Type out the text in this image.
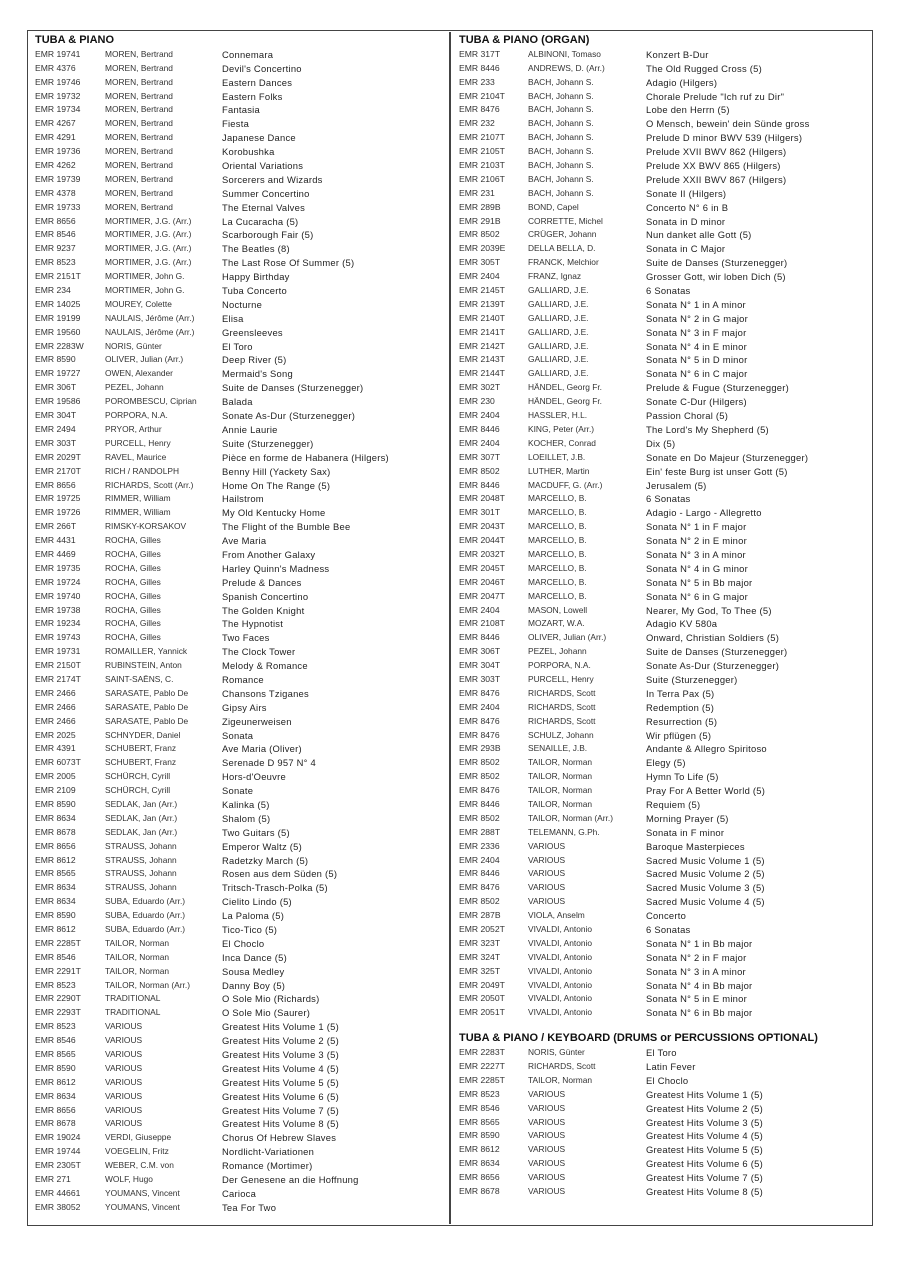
TUBA & PIANO
EMR 19741	MOREN, Bertrand	Connemara
EMR 4376	MOREN, Bertrand	Devil's Concertino
EMR 19746	MOREN, Bertrand	Eastern Dances
EMR 19732	MOREN, Bertrand	Eastern Folks
EMR 19734	MOREN, Bertrand	Fantasia
EMR 4267	MOREN, Bertrand	Fiesta
EMR 4291	MOREN, Bertrand	Japanese Dance
EMR 19736	MOREN, Bertrand	Korobushka
EMR 4262	MOREN, Bertrand	Oriental Variations
EMR 19739	MOREN, Bertrand	Sorcerers and Wizards
EMR 4378	MOREN, Bertrand	Summer Concertino
EMR 19733	MOREN, Bertrand	The Eternal Valves
EMR 8656	MORTIMER, J.G. (Arr.)	La Cucaracha (5)
EMR 8546	MORTIMER, J.G. (Arr.)	Scarborough Fair (5)
EMR 9237	MORTIMER, J.G. (Arr.)	The Beatles (8)
EMR 8523	MORTIMER, J.G. (Arr.)	The Last Rose Of Summer (5)
EMR 2151T	MORTIMER, John G.	Happy Birthday
EMR 234	MORTIMER, John G.	Tuba Concerto
EMR 14025	MOUREY, Colette	Nocturne
EMR 19199	NAULAIS, Jérôme (Arr.)	Elisa
EMR 19560	NAULAIS, Jérôme (Arr.)	Greensleeves
EMR 2283W	NORIS, Günter	El Toro
EMR 8590	OLIVER, Julian (Arr.)	Deep River (5)
EMR 19727	OWEN, Alexander	Mermaid's Song
EMR 306T	PEZEL, Johann	Suite de Danses (Sturzenegger)
EMR 19586	POROMBESCU, Ciprian	Balada
EMR 304T	PORPORA, N.A.	Sonate As-Dur (Sturzenegger)
EMR 2494	PRYOR, Arthur	Annie Laurie
EMR 303T	PURCELL, Henry	Suite (Sturzenegger)
EMR 2029T	RAVEL, Maurice	Pièce en forme de Habanera (Hilgers)
EMR 2170T	RICH / RANDOLPH	Benny Hill (Yackety Sax)
EMR 8656	RICHARDS, Scott (Arr.)	Home On The Range (5)
EMR 19725	RIMMER, William	Hailstrom
EMR 19726	RIMMER, William	My Old Kentucky Home
EMR 266T	RIMSKY-KORSAKOV	The Flight of the Bumble Bee
EMR 4431	ROCHA, Gilles	Ave Maria
EMR 4469	ROCHA, Gilles	From Another Galaxy
EMR 19735	ROCHA, Gilles	Harley Quinn's Madness
EMR 19724	ROCHA, Gilles	Prelude & Dances
EMR 19740	ROCHA, Gilles	Spanish Concertino
EMR 19738	ROCHA, Gilles	The Golden Knight
EMR 19234	ROCHA, Gilles	The Hypnotist
EMR 19743	ROCHA, Gilles	Two Faces
EMR 19731	ROMAILLER, Yannick	The Clock Tower
EMR 2150T	RUBINSTEIN, Anton	Melody & Romance
EMR 2174T	SAINT-SAËNS, C.	Romance
EMR 2466	SARASATE, Pablo De	Chansons Tziganes
EMR 2466	SARASATE, Pablo De	Gipsy Airs
EMR 2466	SARASATE, Pablo De	Zigeunerweisen
EMR 2025	SCHNYDER, Daniel	Sonata
EMR 4391	SCHUBERT, Franz	Ave Maria (Oliver)
EMR 6073T	SCHUBERT, Franz	Serenade D 957 N° 4
EMR 2005	SCHÜRCH, Cyrill	Hors-d'Oeuvre
EMR 2109	SCHÜRCH, Cyrill	Sonate
EMR 8590	SEDLAK, Jan (Arr.)	Kalinka (5)
EMR 8634	SEDLAK, Jan (Arr.)	Shalom (5)
EMR 8678	SEDLAK, Jan (Arr.)	Two Guitars (5)
EMR 8656	STRAUSS, Johann	Emperor Waltz (5)
EMR 8612	STRAUSS, Johann	Radetzky March (5)
EMR 8565	STRAUSS, Johann	Rosen aus dem Süden (5)
EMR 8634	STRAUSS, Johann	Tritsch-Trasch-Polka (5)
EMR 8634	SUBA, Eduardo (Arr.)	Cielito Lindo (5)
EMR 8590	SUBA, Eduardo (Arr.)	La Paloma (5)
EMR 8612	SUBA, Eduardo (Arr.)	Tico-Tico (5)
EMR 2285T	TAILOR, Norman	El Choclo
EMR 8546	TAILOR, Norman	Inca Dance (5)
EMR 2291T	TAILOR, Norman	Sousa Medley
EMR 8523	TAILOR, Norman (Arr.)	Danny Boy (5)
EMR 2290T	TRADITIONAL	O Sole Mio (Richards)
EMR 2293T	TRADITIONAL	O Sole Mio (Saurer)
EMR 8523	VARIOUS	Greatest Hits Volume 1 (5)
EMR 8546	VARIOUS	Greatest Hits Volume 2 (5)
EMR 8565	VARIOUS	Greatest Hits Volume 3 (5)
EMR 8590	VARIOUS	Greatest Hits Volume 4 (5)
EMR 8612	VARIOUS	Greatest Hits Volume 5 (5)
EMR 8634	VARIOUS	Greatest Hits Volume 6 (5)
EMR 8656	VARIOUS	Greatest Hits Volume 7 (5)
EMR 8678	VARIOUS	Greatest Hits Volume 8 (5)
EMR 19024	VERDI, Giuseppe	Chorus Of Hebrew Slaves
EMR 19744	VOEGELIN, Fritz	Nordlicht-Variationen
EMR 2305T	WEBER, C.M. von	Romance (Mortimer)
EMR 271	WOLF, Hugo	Der Genesene an die Hoffnung
EMR 44661	YOUMANS, Vincent	Carioca
EMR 38052	YOUMANS, Vincent	Tea For Two
TUBA & PIANO (ORGAN)
EMR 317T	ALBINONI, Tomaso	Konzert B-Dur
EMR 8446	ANDREWS, D. (Arr.)	The Old Rugged Cross (5)
EMR 233	BACH, Johann S.	Adagio (Hilgers)
EMR 2104T	BACH, Johann S.	Chorale Prelude "Ich ruf zu Dir"
EMR 8476	BACH, Johann S.	Lobe den Herrn (5)
EMR 232	BACH, Johann S.	O Mensch, bewein' dein Sünde gross
EMR 2107T	BACH, Johann S.	Prelude D minor BWV 539 (Hilgers)
EMR 2105T	BACH, Johann S.	Prelude XVII BWV 862 (Hilgers)
EMR 2103T	BACH, Johann S.	Prelude XX BWV 865 (Hilgers)
EMR 2106T	BACH, Johann S.	Prelude XXII BWV 867 (Hilgers)
EMR 231	BACH, Johann S.	Sonate II (Hilgers)
EMR 289B	BOND, Capel	Concerto N° 6 in B
EMR 291B	CORRETTE, Michel	Sonata in D minor
EMR 8502	CRÜGER, Johann	Nun danket alle Gott (5)
EMR 2039E	DELLA BELLA, D.	Sonata in C Major
EMR 305T	FRANCK, Melchior	Suite de Danses (Sturzenegger)
EMR 2404	FRANZ, Ignaz	Grosser Gott, wir loben Dich (5)
EMR 2145T	GALLIARD, J.E.	6 Sonatas
EMR 2139T	GALLIARD, J.E.	Sonata N° 1 in A minor
EMR 2140T	GALLIARD, J.E.	Sonata N° 2 in G major
EMR 2141T	GALLIARD, J.E.	Sonata N° 3 in F major
EMR 2142T	GALLIARD, J.E.	Sonata N° 4 in E minor
EMR 2143T	GALLIARD, J.E.	Sonata N° 5 in D minor
EMR 2144T	GALLIARD, J.E.	Sonata N° 6 in C major
EMR 302T	HÄNDEL, Georg Fr.	Prelude & Fugue (Sturzenegger)
EMR 230	HÄNDEL, Georg Fr.	Sonate C-Dur (Hilgers)
EMR 2404	HASSLER, H.L.	Passion Choral (5)
EMR 8446	KING, Peter (Arr.)	The Lord's My Shepherd (5)
EMR 2404	KOCHER, Conrad	Dix (5)
EMR 307T	LOEILLET, J.B.	Sonate en Do Majeur (Sturzenegger)
EMR 8502	LUTHER, Martin	Ein' feste Burg ist unser Gott (5)
EMR 8446	MACDUFF, G. (Arr.)	Jerusalem (5)
EMR 2048T	MARCELLO, B.	6 Sonatas
EMR 301T	MARCELLO, B.	Adagio - Largo - Allegretto
EMR 2043T	MARCELLO, B.	Sonata N° 1 in F major
EMR 2044T	MARCELLO, B.	Sonata N° 2 in E minor
EMR 2032T	MARCELLO, B.	Sonata N° 3 in A minor
EMR 2045T	MARCELLO, B.	Sonata N° 4 in G minor
EMR 2046T	MARCELLO, B.	Sonata N° 5 in Bb major
EMR 2047T	MARCELLO, B.	Sonata N° 6 in G major
EMR 2404	MASON, Lowell	Nearer, My God, To Thee (5)
EMR 2108T	MOZART, W.A.	Adagio KV 580a
EMR 8446	OLIVER, Julian (Arr.)	Onward, Christian Soldiers (5)
EMR 306T	PEZEL, Johann	Suite de Danses (Sturzenegger)
EMR 304T	PORPORA, N.A.	Sonate As-Dur (Sturzenegger)
EMR 303T	PURCELL, Henry	Suite (Sturzenegger)
EMR 8476	RICHARDS, Scott	In Terra Pax (5)
EMR 2404	RICHARDS, Scott	Redemption (5)
EMR 8476	RICHARDS, Scott	Resurrection (5)
EMR 8476	SCHULZ, Johann	Wir pflügen (5)
EMR 293B	SENAILLE, J.B.	Andante & Allegro Spiritoso
EMR 8502	TAILOR, Norman	Elegy (5)
EMR 8502	TAILOR, Norman	Hymn To Life (5)
EMR 8476	TAILOR, Norman	Pray For A Better World (5)
EMR 8446	TAILOR, Norman	Requiem (5)
EMR 8502	TAILOR, Norman (Arr.)	Morning Prayer (5)
EMR 288T	TELEMANN, G.Ph.	Sonata in F minor
EMR 2336	VARIOUS	Baroque Masterpieces
EMR 2404	VARIOUS	Sacred Music Volume 1 (5)
EMR 8446	VARIOUS	Sacred Music Volume 2 (5)
EMR 8476	VARIOUS	Sacred Music Volume 3 (5)
EMR 8502	VARIOUS	Sacred Music Volume 4 (5)
EMR 287B	VIOLA, Anselm	Concerto
EMR 2052T	VIVALDI, Antonio	6 Sonatas
EMR 323T	VIVALDI, Antonio	Sonata N° 1 in Bb major
EMR 324T	VIVALDI, Antonio	Sonata N° 2 in F major
EMR 325T	VIVALDI, Antonio	Sonata N° 3 in A minor
EMR 2049T	VIVALDI, Antonio	Sonata N° 4 in Bb major
EMR 2050T	VIVALDI, Antonio	Sonata N° 5 in E minor
EMR 2051T	VIVALDI, Antonio	Sonata N° 6 in Bb major
TUBA & PIANO / KEYBOARD (DRUMS or PERCUSSIONS OPTIONAL)
EMR 2283T	NORIS, Günter	El Toro
EMR 2227T	RICHARDS, Scott	Latin Fever
EMR 2285T	TAILOR, Norman	El Choclo
EMR 8523	VARIOUS	Greatest Hits Volume 1 (5)
EMR 8546	VARIOUS	Greatest Hits Volume 2 (5)
EMR 8565	VARIOUS	Greatest Hits Volume 3 (5)
EMR 8590	VARIOUS	Greatest Hits Volume 4 (5)
EMR 8612	VARIOUS	Greatest Hits Volume 5 (5)
EMR 8634	VARIOUS	Greatest Hits Volume 6 (5)
EMR 8656	VARIOUS	Greatest Hits Volume 7 (5)
EMR 8678	VARIOUS	Greatest Hits Volume 8 (5)
